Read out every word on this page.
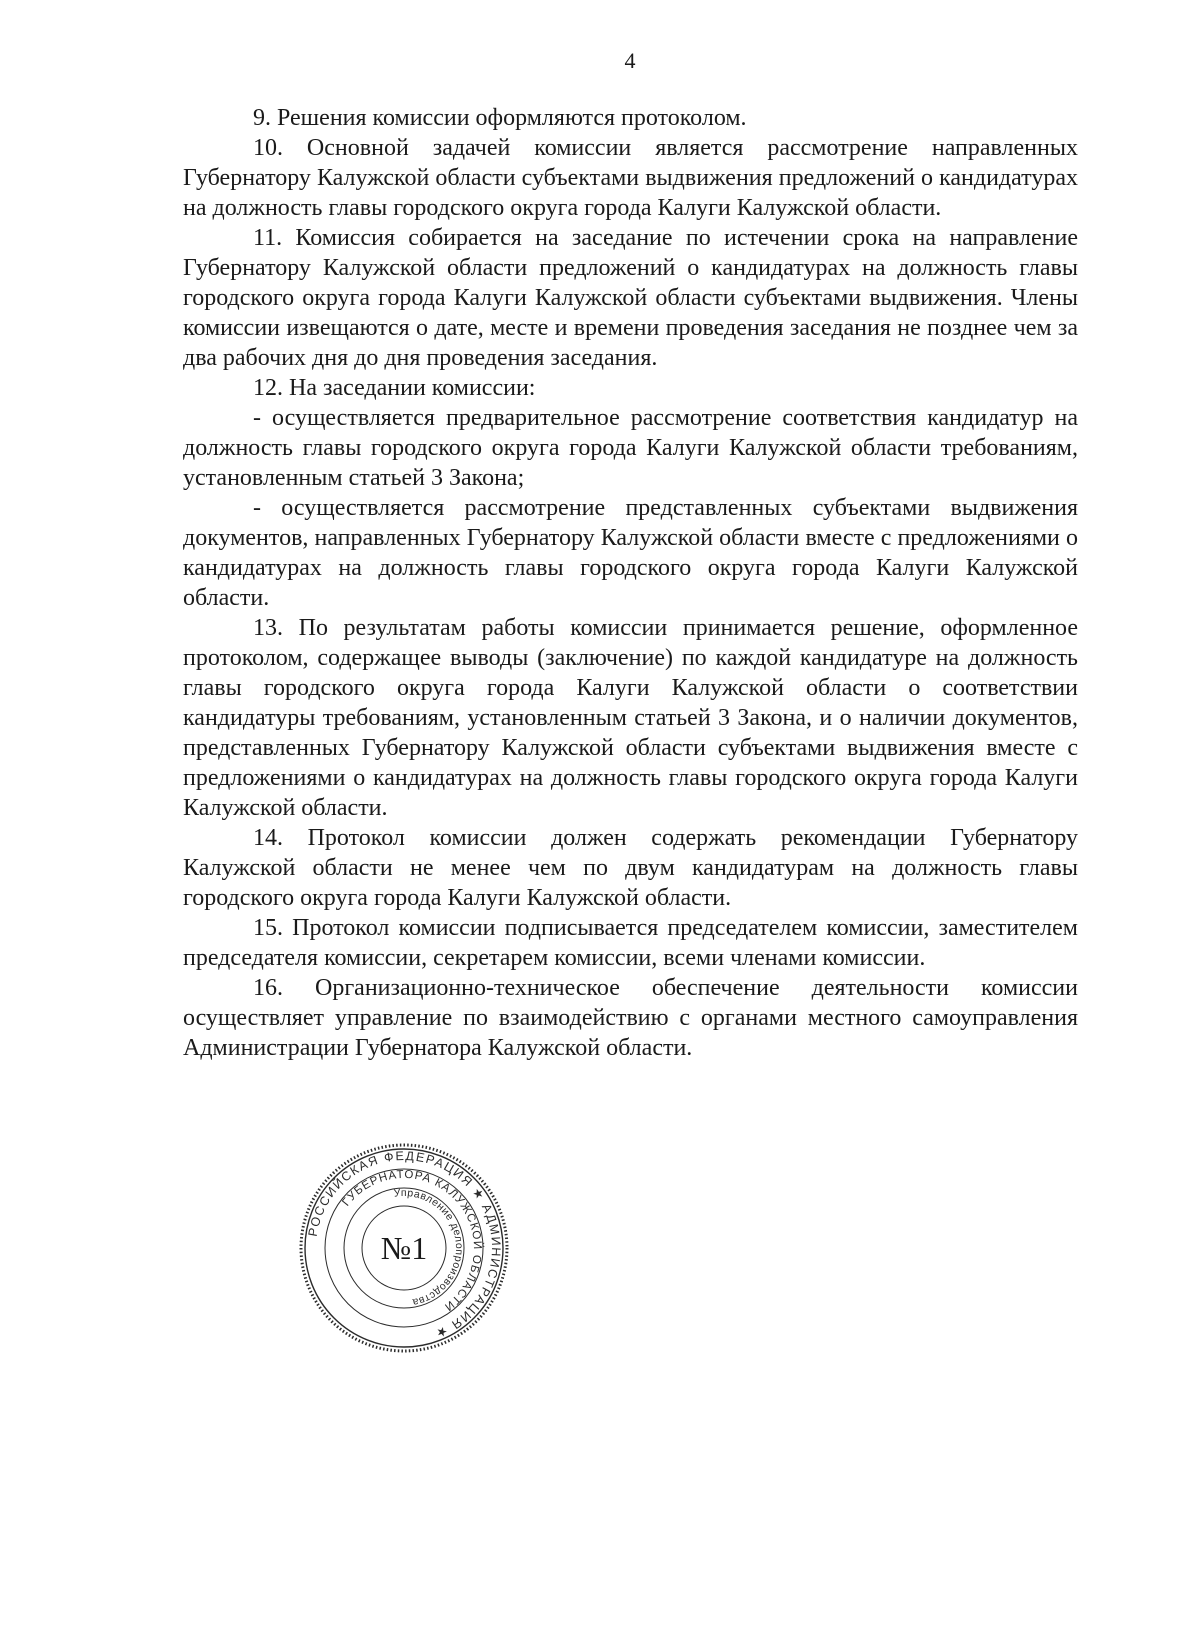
4

9. Решения комиссии оформляются протоколом.

10. Основной задачей комиссии является рассмотрение направленных Губернатору Калужской области субъектами выдвижения предложений о кандидатурах на должность главы городского округа города Калуги Калужской области.

11. Комиссия собирается на заседание по истечении срока на направление Губернатору Калужской области предложений о кандидатурах на должность главы городского округа города Калуги Калужской области субъектами выдвижения. Члены комиссии извещаются о дате, месте и времени проведения заседания не позднее чем за два рабочих дня до дня проведения заседания.

12. На заседании комиссии:

- осуществляется предварительное рассмотрение соответствия кандидатур на должность главы городского округа города Калуги Калужской области требованиям, установленным статьей 3 Закона;

- осуществляется рассмотрение представленных субъектами выдвижения документов, направленных Губернатору Калужской области вместе с предложениями о кандидатурах на должность главы городского округа города Калуги Калужской области.

13. По результатам работы комиссии принимается решение, оформленное протоколом, содержащее выводы (заключение) по каждой кандидатуре на должность главы городского округа города Калуги Калужской области о соответствии кандидатуры требованиям, установленным статьей 3 Закона, и о наличии документов, представленных Губернатору Калужской области субъектами выдвижения вместе с предложениями о кандидатурах на должность главы городского округа города Калуги Калужской области.

14. Протокол комиссии должен содержать рекомендации Губернатору Калужской области не менее чем по двум кандидатурам на должность главы городского округа города Калуги Калужской области.

15. Протокол комиссии подписывается председателем комиссии, заместителем председателя комиссии, секретарем комиссии, всеми членами комиссии.

16. Организационно-техническое обеспечение деятельности комиссии осуществляет управление по взаимодействию с органами местного самоуправления Администрации Губернатора Калужской области.

РОССИЙСКАЯ ФЕДЕРАЦИЯ ★ АДМИНИСТРАЦИЯ ★
ГУБЕРНАТОРА КАЛУЖСКОЙ ОБЛАСТИ
Управление делопроизводства
№1
